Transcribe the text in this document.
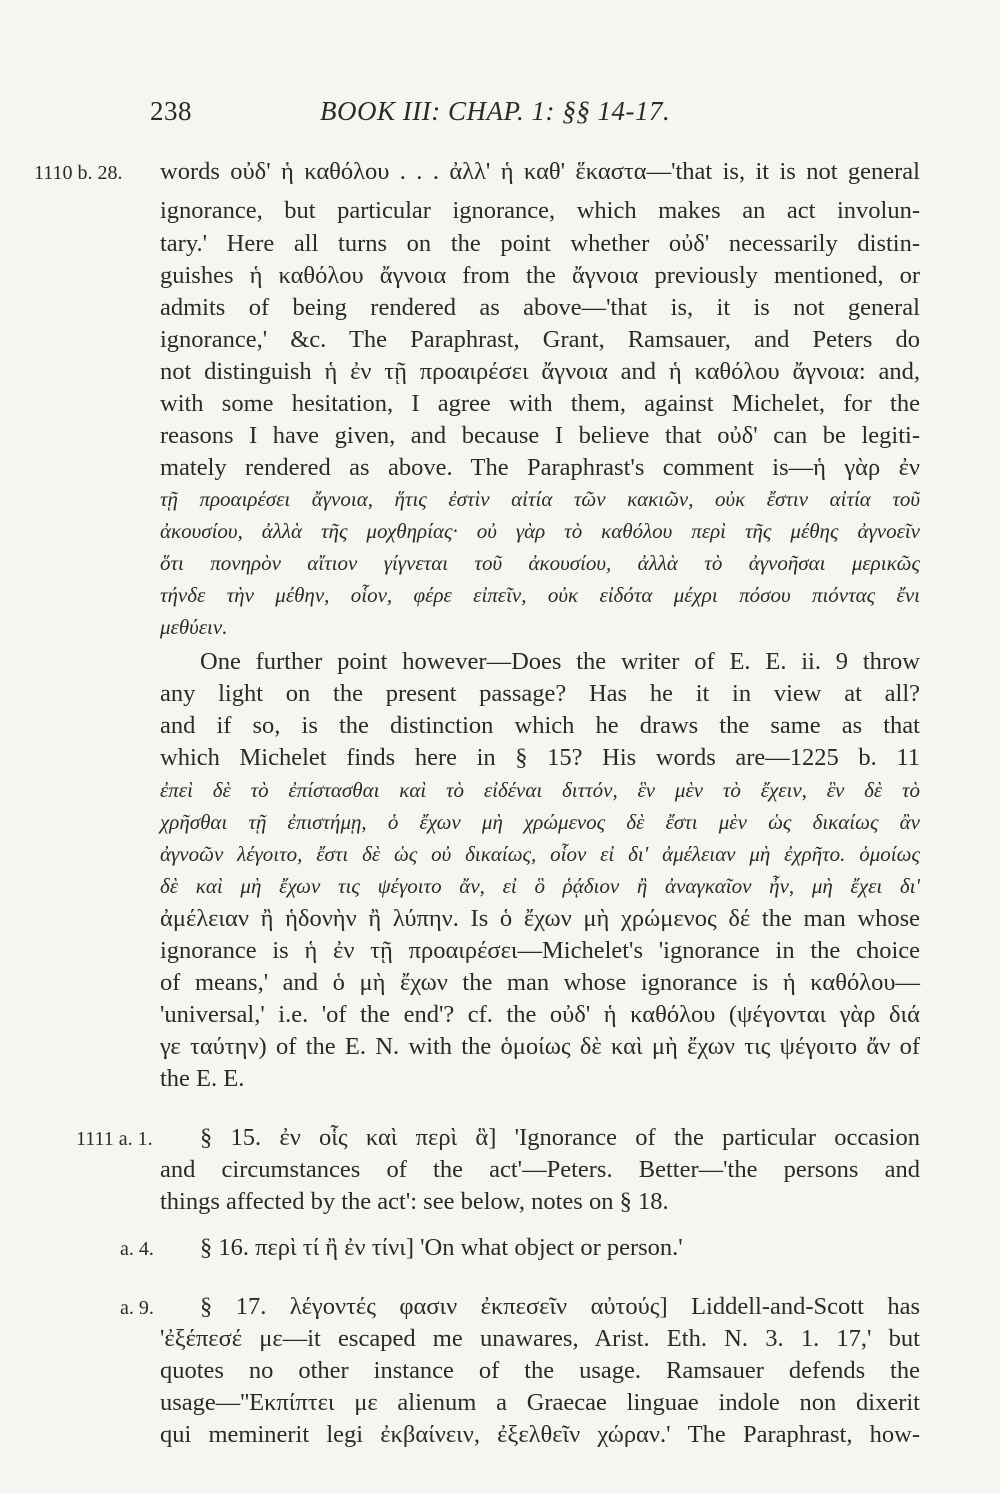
238	BOOK III: CHAP. 1: §§ 14-17.
1110 b. 28.
1111 a. 1.
a. 4.
a. 9.
words οὐδ' ἡ καθόλου . . . ἀλλ' ἡ καθ' ἕκαστα—'that is, it is not general
ignorance, but particular ignorance, which makes an act involun-
tary.' Here all turns on the point whether οὐδ' necessarily distin-
guishes ἡ καθόλου ἄγνοια from the ἄγνοια previously mentioned, or
admits of being rendered as above—'that is, it is not general
ignorance,' &c. The Paraphrast, Grant, Ramsauer, and Peters do
not distinguish ἡ ἐν τῇ προαιρέσει ἄγνοια and ἡ καθόλου ἄγνοια: and,
with some hesitation, I agree with them, against Michelet, for the
reasons I have given, and because I believe that οὐδ' can be legiti-
mately rendered as above. The Paraphrast's comment is—ἡ γὰρ ἐν
τῇ προαιρέσει ἄγνοια, ἥτις ἐστὶν αἰτία τῶν κακιῶν, οὐκ ἔστιν αἰτία τοῦ
ἀκουσίου, ἀλλὰ τῆς μοχθηρίας· οὐ γὰρ τὸ καθόλου περὶ τῆς μέθης ἀγνοεῖν
ὅτι πονηρὸν αἴτιον γίγνεται τοῦ ἀκουσίου, ἀλλὰ τὸ ἀγνοῆσαι μερικῶς
τήνδε τὴν μέθην, οἷον, φέρε εἰπεῖν, οὐκ εἰδότα μέχρι πόσου πιόντας ἔνι
μεθύειν.
One further point however—Does the writer of E. E. ii. 9 throw
any light on the present passage? Has he it in view at all?
and if so, is the distinction which he draws the same as that
which Michelet finds here in § 15? His words are—1225 b. 11
ἐπεὶ δὲ τὸ ἐπίστασθαι καὶ τὸ εἰδέναι διττόν, ἓν μὲν τὸ ἔχειν, ἓν δὲ τὸ
χρῆσθαι τῇ ἐπιστήμῃ, ὁ ἔχων μὴ χρώμενος δὲ ἔστι μὲν ὡς δικαίως ἂν
ἀγνοῶν λέγοιτο, ἔστι δὲ ὡς οὐ δικαίως, οἷον εἰ δι' ἀμέλειαν μὴ ἐχρῆτο. ὁμοίως
δὲ καὶ μὴ ἔχων τις ψέγοιτο ἄν, εἰ ὃ ῥᾴδιον ἢ ἀναγκαῖον ἦν, μὴ ἔχει δι'
ἀμέλειαν ἢ ἡδονὴν ἢ λύπην. Is ὁ ἔχων μὴ χρώμενος δέ the man whose
ignorance is ἡ ἐν τῇ προαιρέσει—Michelet's 'ignorance in the choice
of means,' and ὁ μὴ ἔχων the man whose ignorance is ἡ καθόλου—
'universal,' i.e. 'of the end'? cf. the οὐδ' ἡ καθόλου (ψέγονται γὰρ διά
γε ταύτην) of the E. N. with the ὁμοίως δὲ καὶ μὴ ἔχων τις ψέγοιτο ἄν of
the E. E.
§ 15. ἐν οἷς καὶ περὶ ἃ] 'Ignorance of the particular occasion
and circumstances of the act'—Peters. Better—'the persons and
things affected by the act': see below, notes on § 18.
§ 16. περὶ τί ἢ ἐν τίνι] 'On what object or person.'
§ 17. λέγοντές φασιν ἐκπεσεῖν αὐτούς] Liddell-and-Scott has
'ἐξέπεσέ με—it escaped me unawares, Arist. Eth. N. 3. 1. 17,' but
quotes no other instance of the usage. Ramsauer defends the
usage—''Εκπίπτει με alienum a Graecae linguae indole non dixerit
qui meminerit legi ἐκβαίνειν, ἐξελθεῖν χώραν.' The Paraphrast, how-
